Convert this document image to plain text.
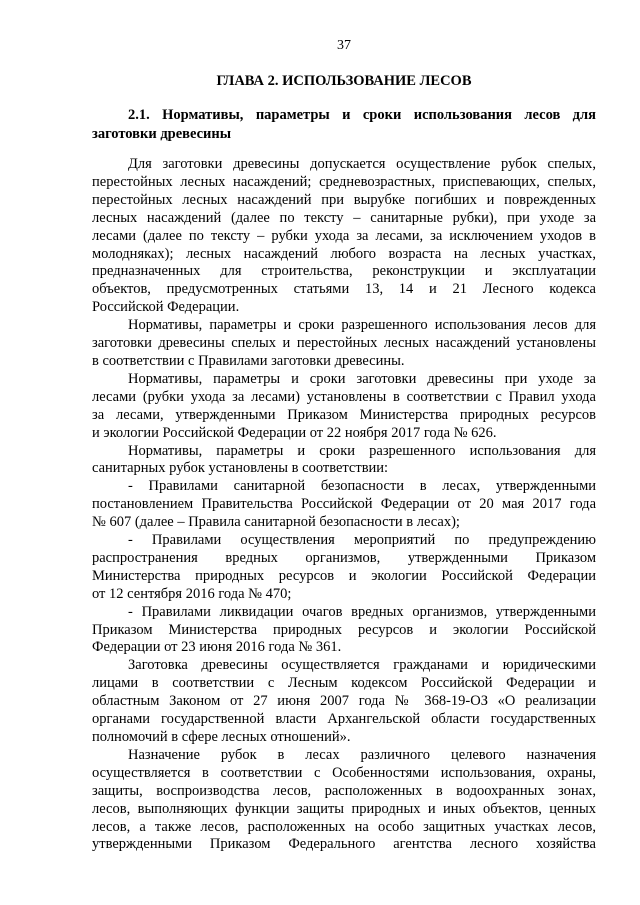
37
ГЛАВА 2. ИСПОЛЬЗОВАНИЕ ЛЕСОВ
2.1. Нормативы, параметры и сроки использования лесов для
заготовки древесины
Для заготовки древесины допускается осуществление рубок спелых,
перестойных лесных насаждений; средневозрастных, приспевающих, спелых,
перестойных лесных насаждений при вырубке погибших и поврежденных
лесных насаждений (далее по тексту – санитарные рубки), при уходе за
лесами (далее по тексту – рубки ухода за лесами, за исключением уходов в
молодняках); лесных насаждений любого возраста на лесных участках,
предназначенных для строительства, реконструкции и эксплуатации
объектов, предусмотренных статьями 13, 14 и 21 Лесного кодекса
Российской Федерации.
Нормативы, параметры и сроки разрешенного использования лесов для
заготовки древесины спелых и перестойных лесных насаждений установлены
в соответствии с Правилами заготовки древесины.
Нормативы, параметры и сроки заготовки древесины при уходе за
лесами (рубки ухода за лесами) установлены в соответствии с Правил ухода
за лесами, утвержденными Приказом Министерства природных ресурсов
и экологии Российской Федерации от 22 ноября 2017 года № 626.
Нормативы, параметры и сроки разрешенного использования для
санитарных рубок установлены в соответствии:
- Правилами санитарной безопасности в лесах, утвержденными
постановлением Правительства Российской Федерации от 20 мая 2017 года
№ 607 (далее – Правила санитарной безопасности в лесах);
- Правилами осуществления мероприятий по предупреждению
распространения вредных организмов, утвержденными Приказом
Министерства природных ресурсов и экологии Российской Федерации
от 12 сентября 2016 года № 470;
- Правилами ликвидации очагов вредных организмов, утвержденными
Приказом Министерства природных ресурсов и экологии Российской
Федерации от 23 июня 2016 года № 361.
Заготовка древесины осуществляется гражданами и юридическими
лицами в соответствии с Лесным кодексом Российской Федерации и
областным Законом от 27 июня 2007 года № 368-19-ОЗ «О реализации
органами государственной власти Архангельской области государственных
полномочий в сфере лесных отношений».
Назначение рубок в лесах различного целевого назначения
осуществляется в соответствии с Особенностями использования, охраны,
защиты, воспроизводства лесов, расположенных в водоохранных зонах,
лесов, выполняющих функции защиты природных и иных объектов, ценных
лесов, а также лесов, расположенных на особо защитных участках лесов,
утвержденными Приказом Федерального агентства лесного хозяйства
